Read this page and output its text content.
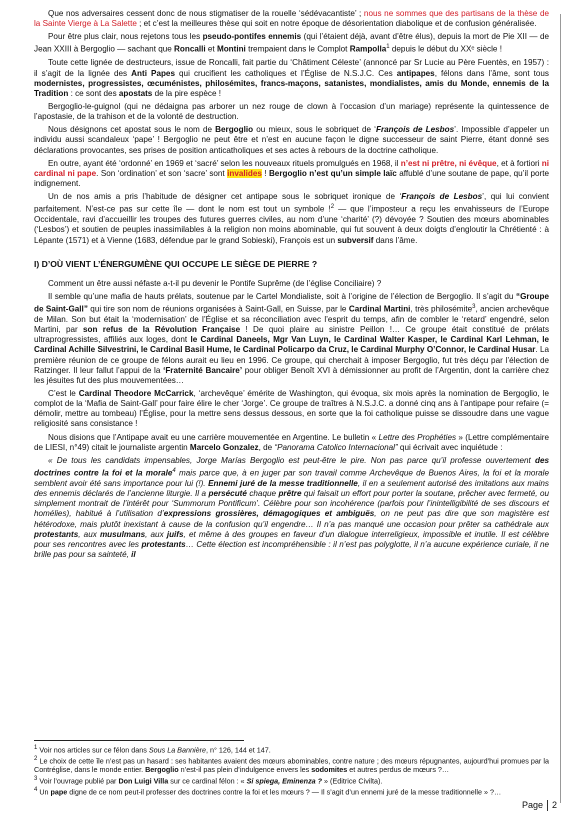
Que nos adversaires cessent donc de nous stigmatiser de la rouelle ‘sédévacantiste’ ; nous ne sommes que des partisans de la thèse de la Sainte Vierge à La Salette ; et c’est la meilleures thèse qui soit en notre époque de désorientation diabolique et de confusion généralisée.

Pour être plus clair, nous rejetons tous les pseudo-pontifes ennemis (qui l’étaient déjà, avant d’être élus), depuis la mort de Pie XII — de Jean XXIII à Bergoglio — sachant que Roncalli et Montini trempaient dans le Complot Rampolla$^1$ depuis le début du XXᵉ siècle !

Toute cette lignée de destructeurs, issue de Roncalli, fait partie du ‘Châtiment Céleste’ (annoncé par Sr Lucie au Père Fuentès, en 1957) : il s’agit de la lignée des Anti Papes qui crucifient les catholiques et l’Église de N.S.J.C. Ces antipapes, félons dans l’âme, sont tous modernistes, progressistes, œcuménistes, philosémites, francs-maçons, satanistes, mondialistes, amis du Monde, ennemis de la Tradition : ce sont des apostats de la pire espèce !

Bergoglio-le-guignol (qui ne dédaigna pas arborer un nez rouge de clown à l’occasion d’un mariage) représente la quintessence de l’apostasie, de la trahison et de la volonté de destruction.

Nous désignons cet apostat sous le nom de Bergoglio ou mieux, sous le sobriquet de ‘François de Lesbos’. Impossible d’appeler un individu aussi scandaleux ‘pape’ ! Bergoglio ne peut être et n’est en aucune façon le digne successeur de saint Pierre, étant donné ses déclarations provocantes, ses prises de position anticatholiques et ses actes à rebours de la doctrine catholique.

En outre, ayant été ‘ordonné’ en 1969 et ‘sacré’ selon les nouveaux rituels promulgués en 1968, il n’est ni prêtre, ni évêque, et à fortiori ni cardinal ni pape. Son ‘ordination’ et son ‘sacre’ sont invalides ! Bergoglio n’est qu’un simple laïc affublé d’une soutane de pape, qu’il porte indignement.

Un de nos amis a pris l’habitude de désigner cet antipape sous le sobriquet ironique de ‘François de Lesbos’, qui lui convient parfaitement. N’est-ce pas sur cette île — dont le nom est tout un symbole !$^2$ — que l’imposteur a reçu les envahisseurs de l’Europe Occidentale, ravi d’accueillir les troupes des futures guerres civiles, au nom d’une ‘charité’ (?) dévoyée ? Soutien des mœurs abominables (‘Lesbos’) et soutien de peuples inassimilables à la religion non moins abominable, qui fut souvent à deux doigts d’engloutir la Chrétienté : à Lépante (1571) et à Vienne (1683, défendue par le grand Sobieski), François est un subversif dans l’âme.

I) D’OÙ VIENT L’ÉNERGUMÈNE QUI OCCUPE LE SIÈGE DE PIERRE ?

Comment un être aussi néfaste a-t-il pu devenir le Pontife Suprême (de l’église Conciliaire) ?

Il semble qu’une mafia de hauts prélats, soutenue par le Cartel Mondialiste, soit à l’origine de l’élection de Bergoglio. Il s’agit du “Groupe de Saint-Gall” qui tire son nom de réunions organisées à Saint-Gall, en Suisse, par le Cardinal Martini, très philosémite$^3$, ancien archevêque de Milan. Son but était la ‘modernisation’ de l’Église et sa réconciliation avec l’esprit du temps, afin de combler le ‘retard’ engendré, selon Martini, par son refus de la Révolution Française ! De quoi plaire au sinistre Peillon !… Ce groupe était constitué de prélats ultraprogressistes, affiliés aux loges, dont le Cardinal Daneels, Mgr Van Luyn, le Cardinal Walter Kasper, le Cardinal Karl Lehman, le Cardinal Achille Silvestrini, le Cardinal Basil Hume, le Cardinal Policarpo da Cruz, le Cardinal Murphy O’Connor, le Cardinal Husar. La première réunion de ce groupe de félons aurait eu lieu en 1996. Ce groupe, qui cherchait à imposer Bergoglio, fut très déçu par l’élection de Ratzinger. Il leur fallut l’appui de la ‘Fraternité Bancaire’ pour obliger Benoît XVI à démissionner au profit de l’Argentin, dont la carrière chez les jésuites fut des plus mouvementées…

C’est le Cardinal Theodore McCarrick, ‘archevêque’ émérite de Washington, qui évoqua, six mois après la nomination de Bergoglio, le complot de la ‘Mafia de Saint-Gall’ pour faire élire le cher ‘Jorge’. Ce groupe de traîtres à N.S.J.C. a donné cinq ans à l’antipape pour refaire (= démolir, mettre au tombeau) l’Église, pour la mettre sens dessus dessous, en sorte que la foi catholique puisse se dissoudre dans une vague religiosité sans consistance !

Nous disions que l’Antipape avait eu une carrière mouvementée en Argentine. Le bulletin « Lettre des Prophéties » (Lettre complémentaire de LIESI, n°49) citait le journaliste argentin Marcelo Gonzalez, de “Panorama Catolico Internacional” qui écrivait avec inquiétude :

« De tous les candidats impensables, Jorge Marías Bergoglio est peut-être le pire. Non pas parce qu’il professe ouvertement des doctrines contre la foi et la morale$^4$ mais parce que, à en juger par son travail comme Archevêque de Buenos Aires, la foi et la morale semblent avoir été sans importance pour lui (!). Ennemi juré de la messe traditionnelle, il en a seulement autorisé des imitations aux mains des ennemis déclarés de l’ancienne liturgie. Il a persécuté chaque prêtre qui faisait un effort pour porter la soutane, prêcher avec fermeté, ou simplement montrait de l’intérêt pour ‘Summorum Pontificum’. Célèbre pour son incohérence (parfois pour l’inintelligibilité de ses discours et homélies), habitué à l’utilisation d’expressions grossières, démagogiques et ambiguës, on ne peut pas dire que son magistère est hétérodoxe, mais plutôt inexistant à cause de la confusion qu’il engendre… Il n’a pas manqué une occasion pour prêter sa cathédrale aux protestants, aux musulmans, aux juifs, et même à des groupes en faveur d’un dialogue interreligieux, impossible et inutile. Il est célèbre pour ses rencontres avec les protestants… Cette élection est incompréhensible : il n’est pas polyglotte, il n’a aucune expérience curiale, il ne brille pas pour sa sainteté, il

$^1$ Voir nos articles sur ce félon dans Sous La Bannière, n° 126, 144 et 147.

$^2$ Le choix de cette île n’est pas un hasard : ses habitantes avaient des mœurs abominables, contre nature ; des mœurs répugnantes, aujourd’hui promues par la Contréglise, dans le monde entier. Bergoglio n’est-il pas plein d’indulgence envers les sodomites et autres perdus de mœurs ?…

$^3$ Voir l’ouvrage publié par Don Luigi Villa sur ce cardinal félon : « Si spiega, Eminenza ? » (Editrice Civilta).

$^4$ Un pape digne de ce nom peut-il professer des doctrines contre la foi et les mœurs ? — Il s’agit d’un ennemi juré de la messe traditionnelle » ?…

Page 2
